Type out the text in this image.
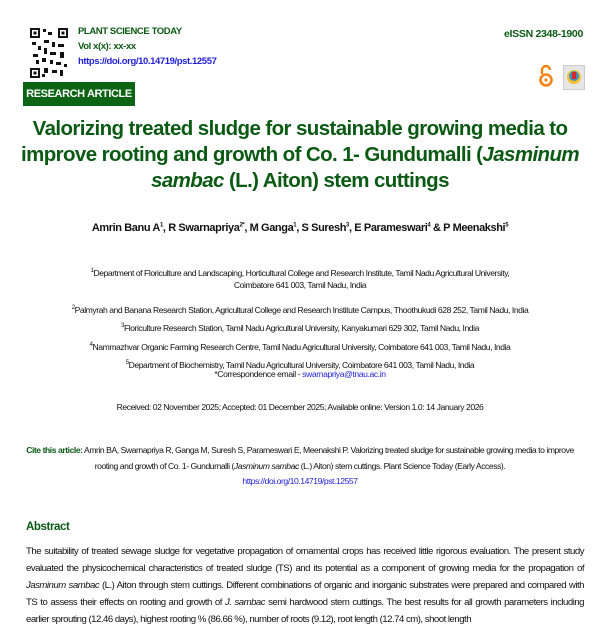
PLANT SCIENCE TODAY
Vol x(x): xx-xx
https://doi.org/10.14719/pst.12557
eISSN 2348-1900
RESEARCH ARTICLE
Valorizing treated sludge for sustainable growing media to improve rooting and growth of Co. 1- Gundumalli (Jasminum sambac (L.) Aiton) stem cuttings
Amrin Banu $A^1$, R Swarnapriya$^{2*}$, M Ganga$^1$, S Suresh$^3$, E Parameswari$^4$ & P Meenakshi$^5$
$^1$Department of Floriculture and Landscaping, Horticultural College and Research Institute, Tamil Nadu Agricultural University,
Coimbatore 641 003, Tamil Nadu, India
$^2$Palmyrah and Banana Research Station, Agricultural College and Research Institute Campus, Thoothukudi 628 252, Tamil Nadu, India
$^3$Floriculture Research Station, Tamil Nadu Agricultural University, Kanyakumari 629 302, Tamil Nadu, India
$^4$Nammazhvar Organic Farming Research Centre, Tamil Nadu Agricultural University, Coimbatore 641 003, Tamil Nadu, India
$^5$Department of Biochemistry, Tamil Nadu Agricultural University, Coimbatore 641 003, Tamil Nadu, India
*Correspondence email - swarnapriya@tnau.ac.in
Received: 02 November 2025; Accepted: 01 December 2025; Available online: Version 1.0: 14 January 2026
Cite this article: Amrin BA, Swarnapriya R, Ganga M, Suresh S, Parameswari E, Meenakshi P. Valorizing treated sludge for sustainable growing media to improve rooting and growth of Co. 1- Gundumalli (Jasminum sambac (L.) Aiton) stem cuttings. Plant Science Today (Early Access).
https://doi.org/10.14719/pst.12557
Abstract
The suitability of treated sewage sludge for vegetative propagation of ornamental crops has received little rigorous evaluation. The present study evaluated the physicochemical characteristics of treated sludge (TS) and its potential as a component of growing media for the propagation of Jasminum sambac (L.) Aiton through stem cuttings. Different combinations of organic and inorganic substrates were prepared and compared with TS to assess their effects on rooting and growth of J. sambac semi hardwood stem cuttings. The best results for all growth parameters including earlier sprouting (12.46 days), highest rooting % (86.66 %), number of roots (9.12), root length (12.74 cm), shoot length
